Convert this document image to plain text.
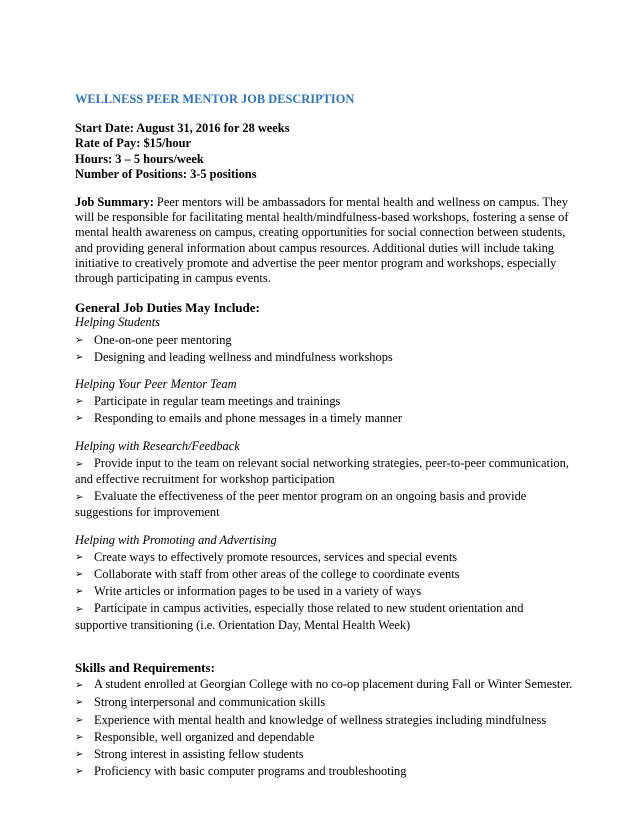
WELLNESS PEER MENTOR JOB DESCRIPTION
Start Date: August 31, 2016 for 28 weeks
Rate of Pay: $15/hour
Hours: 3 – 5 hours/week
Number of Positions: 3-5 positions
Job Summary: Peer mentors will be ambassadors for mental health and wellness on campus. They will be responsible for facilitating mental health/mindfulness-based workshops, fostering a sense of mental health awareness on campus, creating opportunities for social connection between students, and providing general information about campus resources. Additional duties will include taking initiative to creatively promote and advertise the peer mentor program and workshops, especially through participating in campus events.
General Job Duties May Include:
Helping Students
➢ One-on-one peer mentoring
➢ Designing and leading wellness and mindfulness workshops
Helping Your Peer Mentor Team
➢ Participate in regular team meetings and trainings
➢ Responding to emails and phone messages in a timely manner
Helping with Research/Feedback
➢ Provide input to the team on relevant social networking strategies, peer-to-peer communication, and effective recruitment for workshop participation
➢ Evaluate the effectiveness of the peer mentor program on an ongoing basis and provide suggestions for improvement
Helping with Promoting and Advertising
➢ Create ways to effectively promote resources, services and special events
➢ Collaborate with staff from other areas of the college to coordinate events
➢ Write articles or information pages to be used in a variety of ways
➢ Participate in campus activities, especially those related to new student orientation and supportive transitioning (i.e. Orientation Day, Mental Health Week)
Skills and Requirements:
➢ A student enrolled at Georgian College with no co-op placement during Fall or Winter Semester.
➢ Strong interpersonal and communication skills
➢ Experience with mental health and knowledge of wellness strategies including mindfulness
➢ Responsible, well organized and dependable
➢ Strong interest in assisting fellow students
➢ Proficiency with basic computer programs and troubleshooting
